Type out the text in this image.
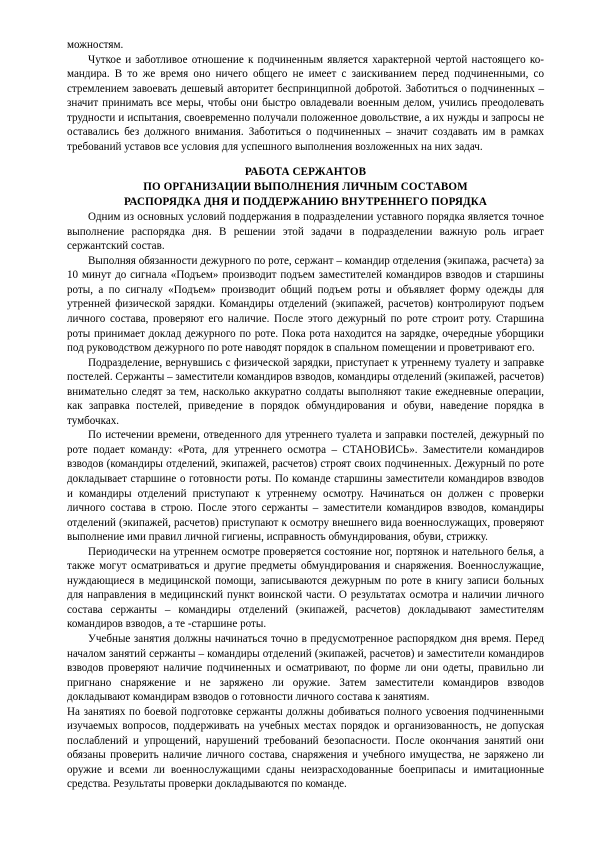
можностям.

Чуткое и заботливое отношение к подчиненным является характерной чертой настоящего командира. В то же время оно ничего общего не имеет с заискиванием перед подчиненными, со стремлением завоевать дешевый авторитет беспринципной добротой. Заботиться о подчиненных – значит принимать все меры, чтобы они быстро овладевали военным делом, учились преодолевать трудности и испытания, своевременно получали положенное довольствие, а их нужды и запросы не оставались без должного внимания. Заботиться о подчиненных – значит создавать им в рамках требований уставов все условия для успешного выполнения возложенных на них задач.

РАБОТА СЕРЖАНТОВ

ПО ОРГАНИЗАЦИИ ВЫПОЛНЕНИЯ ЛИЧНЫМ СОСТАВОМ

РАСПОРЯДКА ДНЯ И ПОДДЕРЖАНИЮ ВНУТРЕННЕГО ПОРЯДКА

Одним из основных условий поддержания в подразделении уставного порядка является точное выполнение распорядка дня. В решении этой задачи в подразделении важную роль играет сержантский состав.

Выполняя обязанности дежурного по роте, сержант – командир отделения (экипажа, расчета) за 10 минут до сигнала «Подъем» производит подъем заместителей командиров взводов и старшины роты, а по сигналу «Подъем» производит общий подъем роты и объявляет форму одежды для утренней физической зарядки. Командиры отделений (экипажей, расчетов) контролируют подъем личного состава, проверяют его наличие. После этого дежурный по роте строит роту. Старшина роты принимает доклад дежурного по роте. Пока рота находится на зарядке, очередные уборщики под руководством дежурного по роте наводят порядок в спальном помещении и проветривают его.

Подразделение, вернувшись с физической зарядки, приступает к утреннему туалету и заправке постелей. Сержанты – заместители командиров взводов, командиры отделений (экипажей, расчетов) внимательно следят за тем, насколько аккуратно солдаты выполняют такие ежедневные операции, как заправка постелей, приведение в порядок обмундирования и обуви, наведение порядка в тумбочках.

По истечении времени, отведенного для утреннего туалета и заправки постелей, дежурный по роте подает команду: «Рота, для утреннего осмотра – СТАНОВИСЬ». Заместители командиров взводов (командиры отделений, экипажей, расчетов) строят своих подчиненных. Дежурный по роте докладывает старшине о готовности роты. По команде старшины заместители командиров взводов и командиры отделений приступают к утреннему осмотру. Начинаться он должен с проверки личного состава в строю. После этого сержанты – заместители командиров взводов, командиры отделений (экипажей, расчетов) приступают к осмотру внешнего вида военнослужащих, проверяют выполнение ими правил личной гигиены, исправность обмундирования, обуви, стрижку.

Периодически на утреннем осмотре проверяется состояние ног, портянок и нательного белья, а также могут осматриваться и другие предметы обмундирования и снаряжения. Военнослужащие, нуждающиеся в медицинской помощи, записываются дежурным по роте в книгу записи больных для направления в медицинский пункт воинской части. О результатах осмотра и наличии личного состава сержанты – командиры отделений (экипажей, расчетов) докладывают заместителям командиров взводов, а те -старшине роты.

Учебные занятия должны начинаться точно в предусмотренное распорядком дня время. Перед началом занятий сержанты – командиры отделений (экипажей, расчетов) и заместители командиров взводов проверяют наличие подчиненных и осматривают, по форме ли они одеты, правильно ли пригнано снаряжение и не заряжено ли оружие. Затем заместители командиров взводов докладывают командирам взводов о готовности личного состава к занятиям.

На занятиях по боевой подготовке сержанты должны добиваться полного усвоения подчиненными изучаемых вопросов, поддерживать на учебных местах порядок и организованность, не допуская послаблений и упрощений, нарушений требований безопасности. После окончания занятий они обязаны проверить наличие личного состава, снаряжения и учебного имущества, не заряжено ли оружие и всеми ли военнослужащими сданы неизрасходованные боеприпасы и имитационные средства. Результаты проверки докладываются по команде.
